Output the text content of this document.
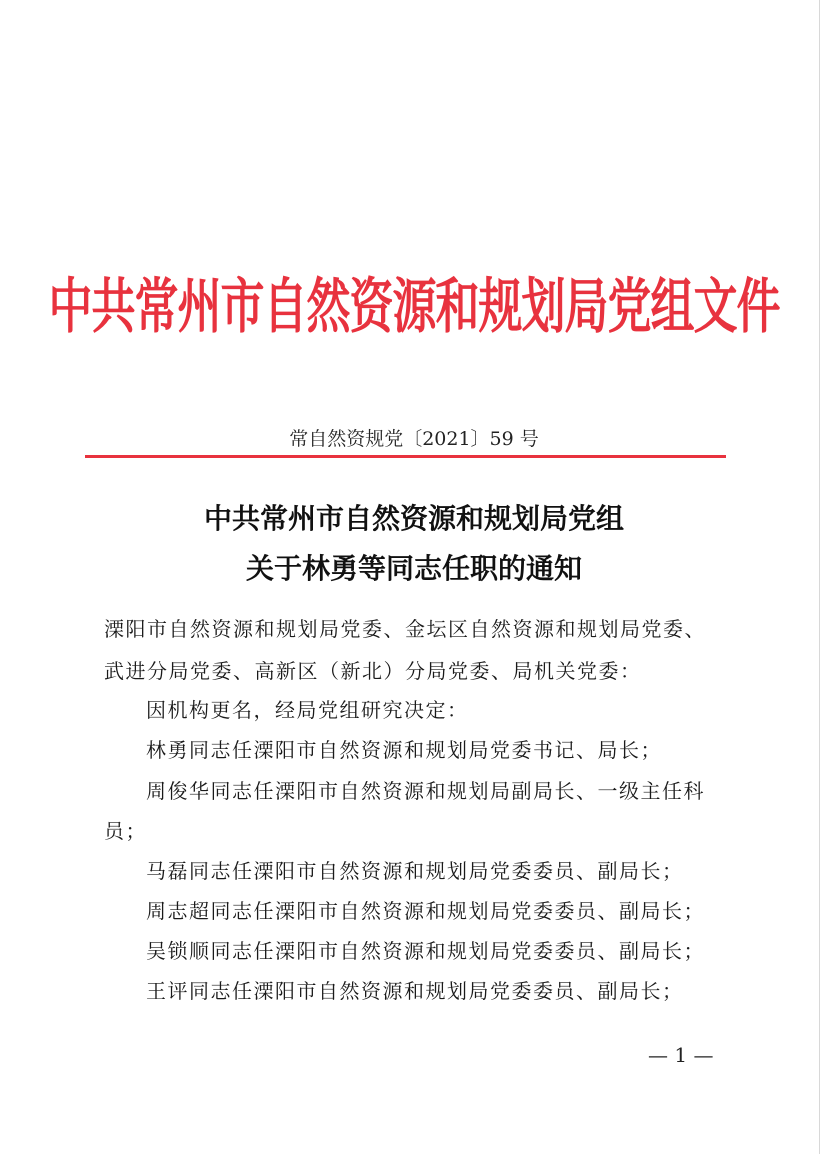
中共常州市自然资源和规划局党组文件
常自然资规党〔2021〕59 号
中共常州市自然资源和规划局党组
关于林勇等同志任职的通知
溧阳市自然资源和规划局党委、金坛区自然资源和规划局党委、
武进分局党委、高新区（新北）分局党委、局机关党委：
因机构更名，经局党组研究决定：
林勇同志任溧阳市自然资源和规划局党委书记、局长；
周俊华同志任溧阳市自然资源和规划局副局长、一级主任科
员；
马磊同志任溧阳市自然资源和规划局党委委员、副局长；
周志超同志任溧阳市自然资源和规划局党委委员、副局长；
吴锁顺同志任溧阳市自然资源和规划局党委委员、副局长；
王评同志任溧阳市自然资源和规划局党委委员、副局长；
— 1 —
